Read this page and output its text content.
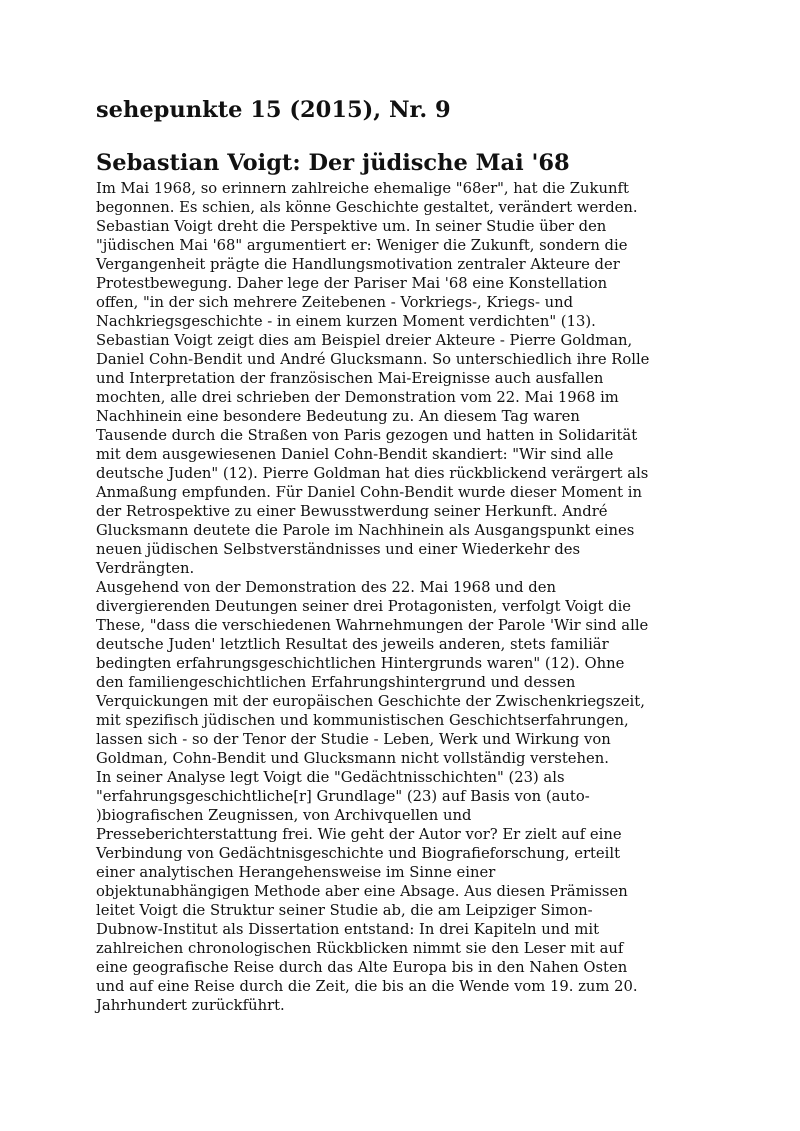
sehepunkte 15 (2015), Nr. 9
Sebastian Voigt: Der jüdische Mai '68

Im Mai 1968, so erinnern zahlreiche ehemalige "68er", hat die Zukunft
begonnen. Es schien, als könne Geschichte gestaltet, verändert werden.
Sebastian Voigt dreht die Perspektive um. In seiner Studie über den
"jüdischen Mai '68" argumentiert er: Weniger die Zukunft, sondern die
Vergangenheit prägte die Handlungsmotivation zentraler Akteure der
Protestbewegung. Daher lege der Pariser Mai '68 eine Konstellation
offen, "in der sich mehrere Zeitebenen - Vorkriegs-, Kriegs- und
Nachkriegsgeschichte - in einem kurzen Moment verdichten" (13).
Sebastian Voigt zeigt dies am Beispiel dreier Akteure - Pierre Goldman,
Daniel Cohn-Bendit und André Glucksmann. So unterschiedlich ihre Rolle
und Interpretation der französischen Mai-Ereignisse auch ausfallen
mochten, alle drei schrieben der Demonstration vom 22. Mai 1968 im
Nachhinein eine besondere Bedeutung zu. An diesem Tag waren
Tausende durch die Straßen von Paris gezogen und hatten in Solidarität
mit dem ausgewiesenen Daniel Cohn-Bendit skandiert: "Wir sind alle
deutsche Juden" (12). Pierre Goldman hat dies rückblickend verärgert als
Anmaßung empfunden. Für Daniel Cohn-Bendit wurde dieser Moment in
der Retrospektive zu einer Bewusstwerdung seiner Herkunft. André
Glucksmann deutete die Parole im Nachhinein als Ausgangspunkt eines
neuen jüdischen Selbstverständnisses und einer Wiederkehr des
Verdrängten.

Ausgehend von der Demonstration des 22. Mai 1968 und den
divergierenden Deutungen seiner drei Protagonisten, verfolgt Voigt die
These, "dass die verschiedenen Wahrnehmungen der Parole 'Wir sind alle
deutsche Juden' letztlich Resultat des jeweils anderen, stets familiär
bedingten erfahrungsgeschichtlichen Hintergrunds waren" (12). Ohne
den familiengeschichtlichen Erfahrungshintergrund und dessen
Verquickungen mit der europäischen Geschichte der Zwischenkriegszeit,
mit spezifisch jüdischen und kommunistischen Geschichtserfahrungen,
lassen sich - so der Tenor der Studie - Leben, Werk und Wirkung von
Goldman, Cohn-Bendit und Glucksmann nicht vollständig verstehen.

In seiner Analyse legt Voigt die "Gedächtnisschichten" (23) als
"erfahrungsgeschichtliche[r] Grundlage" (23) auf Basis von (auto-
)biografischen Zeugnissen, von Archivquellen und
Presseberichterstattung frei. Wie geht der Autor vor? Er zielt auf eine
Verbindung von Gedächtnisgeschichte und Biografieforschung, erteilt
einer analytischen Herangehensweise im Sinne einer
objektunabhängigen Methode aber eine Absage. Aus diesen Prämissen
leitet Voigt die Struktur seiner Studie ab, die am Leipziger Simon-
Dubnow-Institut als Dissertation entstand: In drei Kapiteln und mit
zahlreichen chronologischen Rückblicken nimmt sie den Leser mit auf
eine geografische Reise durch das Alte Europa bis in den Nahen Osten
und auf eine Reise durch die Zeit, die bis an die Wende vom 19. zum 20.
Jahrhundert zurückführt.
